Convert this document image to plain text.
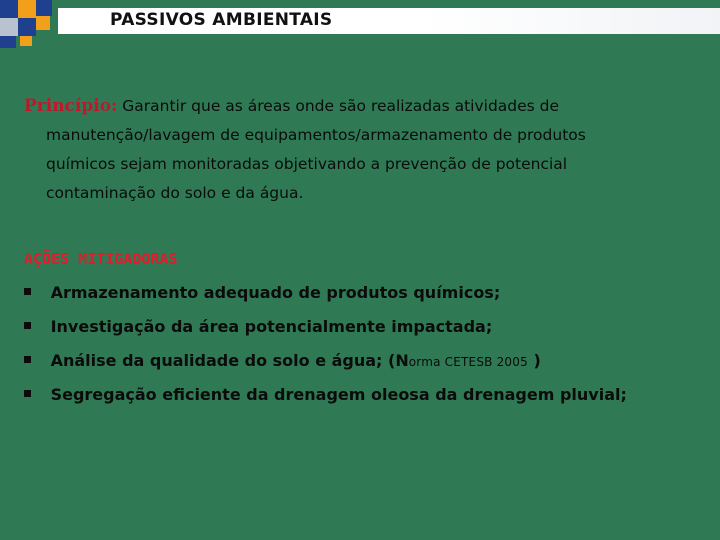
PASSIVOS AMBIENTAIS
Princípio: Garantir que as áreas onde são realizadas atividades de
manutenção/lavagem de equipamentos/armazenamento de produtos
químicos sejam monitoradas objetivando a prevenção de potencial
contaminação do solo e da água.
AÇÕES MITIGADORAS
Armazenamento adequado de produtos químicos;
Investigação da área potencialmente impactada;
Análise da qualidade do solo e água; (Norma CETESB 2005 )
Segregação eficiente da drenagem oleosa da drenagem pluvial;
